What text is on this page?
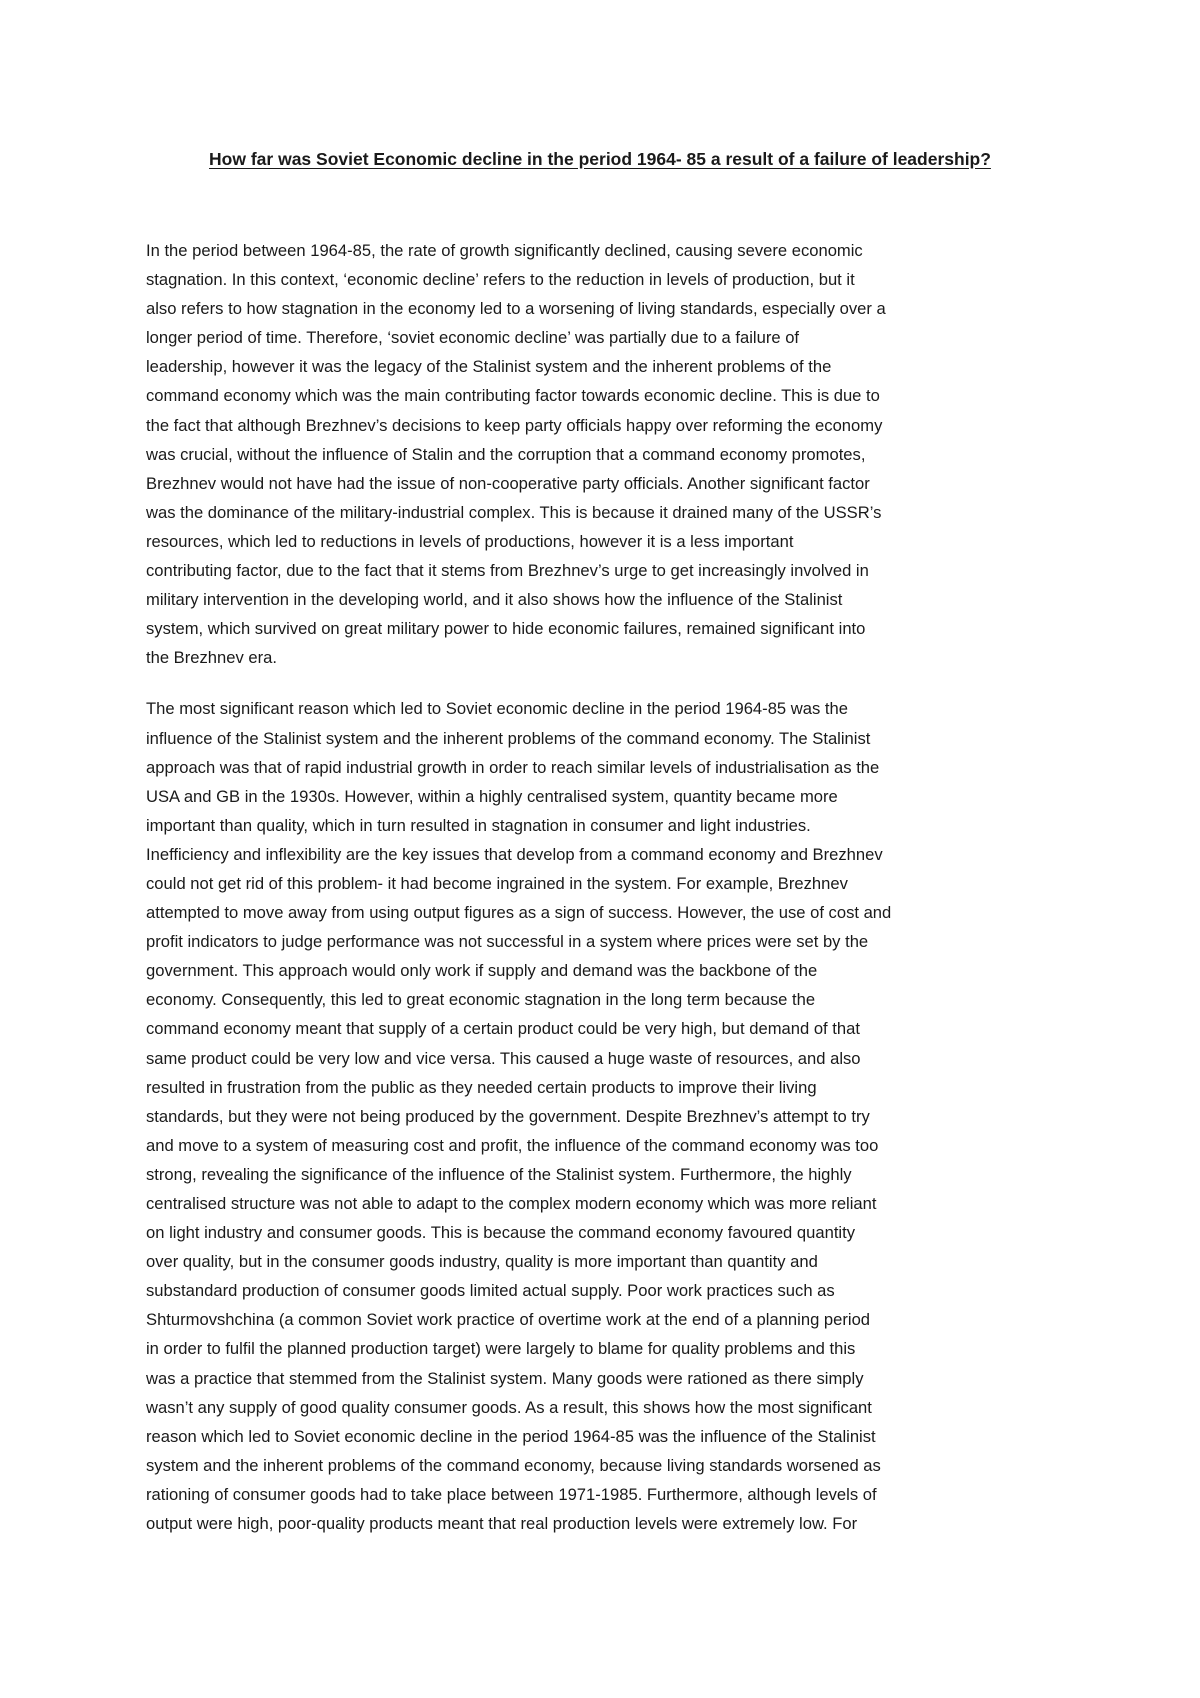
How far was Soviet Economic decline in the period 1964- 85 a result of a failure of leadership?

In the period between 1964-85, the rate of growth significantly declined, causing severe economic
stagnation. In this context, ‘economic decline’ refers to the reduction in levels of production, but it
also refers to how stagnation in the economy led to a worsening of living standards, especially over a
longer period of time. Therefore, ‘soviet economic decline’ was partially due to a failure of
leadership, however it was the legacy of the Stalinist system and the inherent problems of the
command economy which was the main contributing factor towards economic decline. This is due to
the fact that although Brezhnev’s decisions to keep party officials happy over reforming the economy
was crucial, without the influence of Stalin and the corruption that a command economy promotes,
Brezhnev would not have had the issue of non-cooperative party officials. Another significant factor
was the dominance of the military-industrial complex. This is because it drained many of the USSR’s
resources, which led to reductions in levels of productions, however it is a less important
contributing factor, due to the fact that it stems from Brezhnev’s urge to get increasingly involved in
military intervention in the developing world, and it also shows how the influence of the Stalinist
system, which survived on great military power to hide economic failures, remained significant into
the Brezhnev era.

The most significant reason which led to Soviet economic decline in the period 1964-85 was the
influence of the Stalinist system and the inherent problems of the command economy. The Stalinist
approach was that of rapid industrial growth in order to reach similar levels of industrialisation as the
USA and GB in the 1930s. However, within a highly centralised system, quantity became more
important than quality, which in turn resulted in stagnation in consumer and light industries.
Inefficiency and inflexibility are the key issues that develop from a command economy and Brezhnev
could not get rid of this problem- it had become ingrained in the system. For example, Brezhnev
attempted to move away from using output figures as a sign of success. However, the use of cost and
profit indicators to judge performance was not successful in a system where prices were set by the
government. This approach would only work if supply and demand was the backbone of the
economy. Consequently, this led to great economic stagnation in the long term because the
command economy meant that supply of a certain product could be very high, but demand of that
same product could be very low and vice versa. This caused a huge waste of resources, and also
resulted in frustration from the public as they needed certain products to improve their living
standards, but they were not being produced by the government. Despite Brezhnev’s attempt to try
and move to a system of measuring cost and profit, the influence of the command economy was too
strong, revealing the significance of the influence of the Stalinist system. Furthermore, the highly
centralised structure was not able to adapt to the complex modern economy which was more reliant
on light industry and consumer goods. This is because the command economy favoured quantity
over quality, but in the consumer goods industry, quality is more important than quantity and
substandard production of consumer goods limited actual supply. Poor work practices such as
Shturmovshchina (a common Soviet work practice of overtime work at the end of a planning period
in order to fulfil the planned production target) were largely to blame for quality problems and this
was a practice that stemmed from the Stalinist system. Many goods were rationed as there simply
wasn’t any supply of good quality consumer goods. As a result, this shows how the most significant
reason which led to Soviet economic decline in the period 1964-85 was the influence of the Stalinist
system and the inherent problems of the command economy, because living standards worsened as
rationing of consumer goods had to take place between 1971-1985. Furthermore, although levels of
output were high, poor-quality products meant that real production levels were extremely low. For
